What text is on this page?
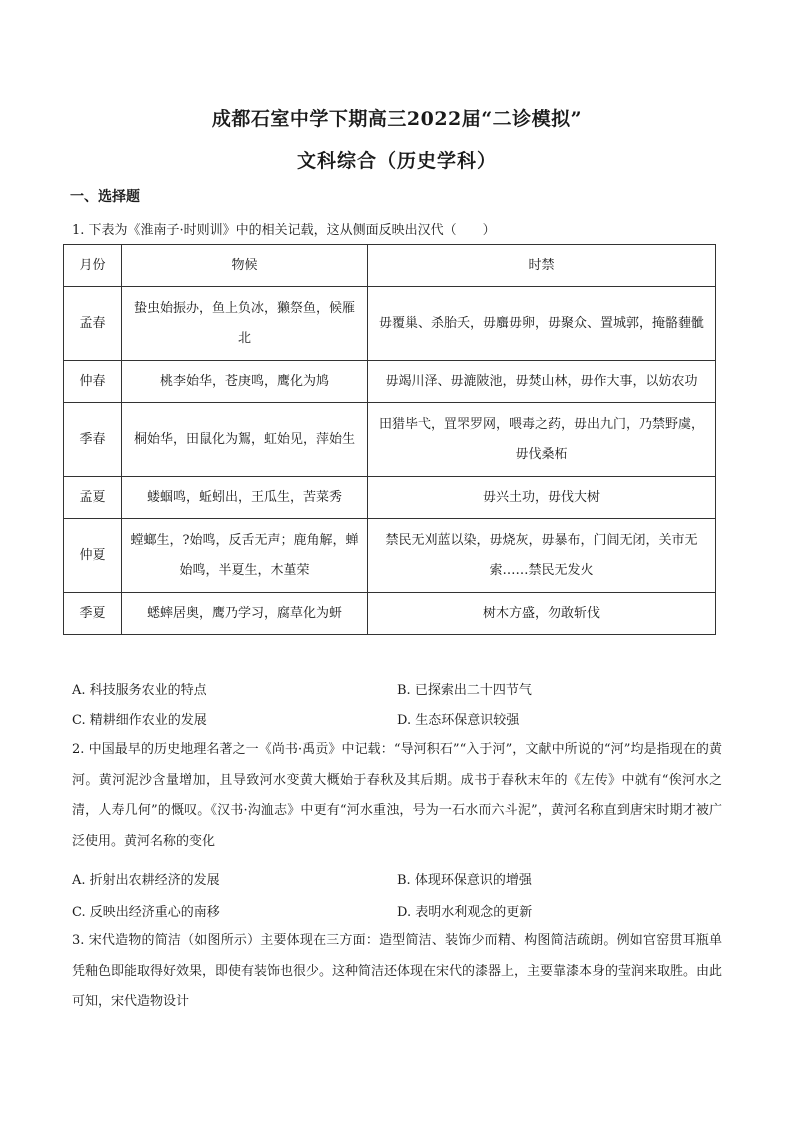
成都石室中学下期高三2022届“二诊模拟”
文科综合（历史学科）
一、选择题
1. 下表为《淮南子·时则训》中的相关记载，这从侧面反映出汉代（　　）
月份	物候	时禁
孟春	蛰虫始振办，鱼上负冰，獭祭鱼，候雁北	毋覆巢、杀胎夭，毋麛毋卵，毋聚众、置城郭，掩骼薶骴
仲春	桃李始华，苍庚鸣，鹰化为鸠	毋竭川泽、毋漉陂池，毋焚山林，毋作大事，以妨农功
季春	桐始华，田鼠化为鴽，虹始见，萍始生	田猎毕弋，罝罘罗网，喂毒之药，毋出九门，乃禁野虞，毋伐桑柘
孟夏	蝼蝈鸣，蚯蚓出，王瓜生，苦菜秀	毋兴土功，毋伐大树
仲夏	螳螂生，?始鸣，反舌无声；鹿角解，蝉始鸣，半夏生，木堇荣	禁民无刈蓝以染，毋烧灰，毋暴布，门闾无闭，关市无索……禁民无发火
季夏	蟋蟀居奥，鹰乃学习，腐草化为蚈	树木方盛，勿敢斩伐
A. 科技服务农业的特点	B. 已探索出二十四节气
C. 精耕细作农业的发展	D. 生态环保意识较强
2. 中国最早的历史地理名著之一《尚书·禹贡》中记载：“导河积石”“入于河”，文献中所说的“河”均是指现在的黄河。黄河泥沙含量增加，且导致河水变黄大概始于春秋及其后期。成书于春秋末年的《左传》中就有“俟河水之清，人寿几何”的慨叹。《汉书·沟洫志》中更有“河水重浊，号为一石水而六斗泥”，黄河名称直到唐宋时期才被广泛使用。黄河名称的变化
A. 折射出农耕经济的发展	B. 体现环保意识的增强
C. 反映出经济重心的南移	D. 表明水利观念的更新
3. 宋代造物的简洁（如图所示）主要体现在三方面：造型简洁、装饰少而精、构图简洁疏朗。例如官窑贯耳瓶单凭釉色即能取得好效果，即使有装饰也很少。这种简洁还体现在宋代的漆器上，主要靠漆本身的莹润来取胜。由此可知，宋代造物设计
